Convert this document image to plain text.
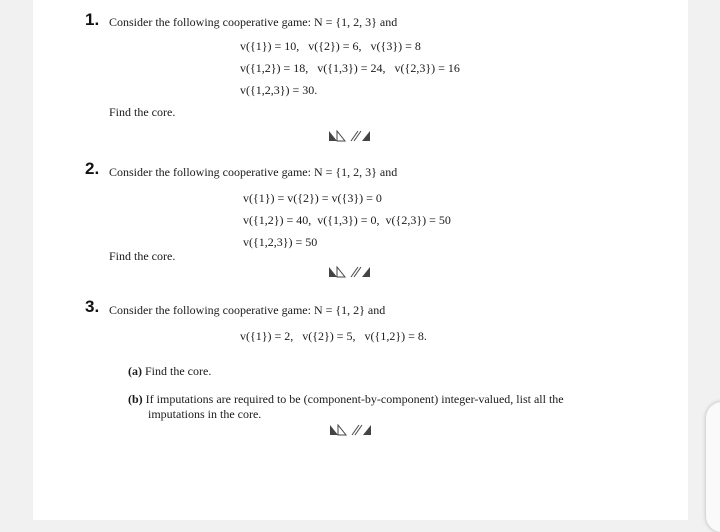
1. Consider the following cooperative game: N = {1, 2, 3} and
v({1}) = 10,   v({2}) = 6,   v({3}) = 8
v({1,2}) = 18,   v({1,3}) = 24,   v({2,3}) = 16
v({1,2,3}) = 30.
Find the core.
2. Consider the following cooperative game: N = {1, 2, 3} and
v({1}) = v({2}) = v({3}) = 0
v({1,2}) = 40,  v({1,3}) = 0,  v({2,3}) = 50
v({1,2,3}) = 50
Find the core.
3. Consider the following cooperative game: N = {1, 2} and
v({1}) = 2,   v({2}) = 5,   v({1,2}) = 8.
(a) Find the core.
(b) If imputations are required to be (component-by-component) integer-valued, list all the
imputations in the core.
